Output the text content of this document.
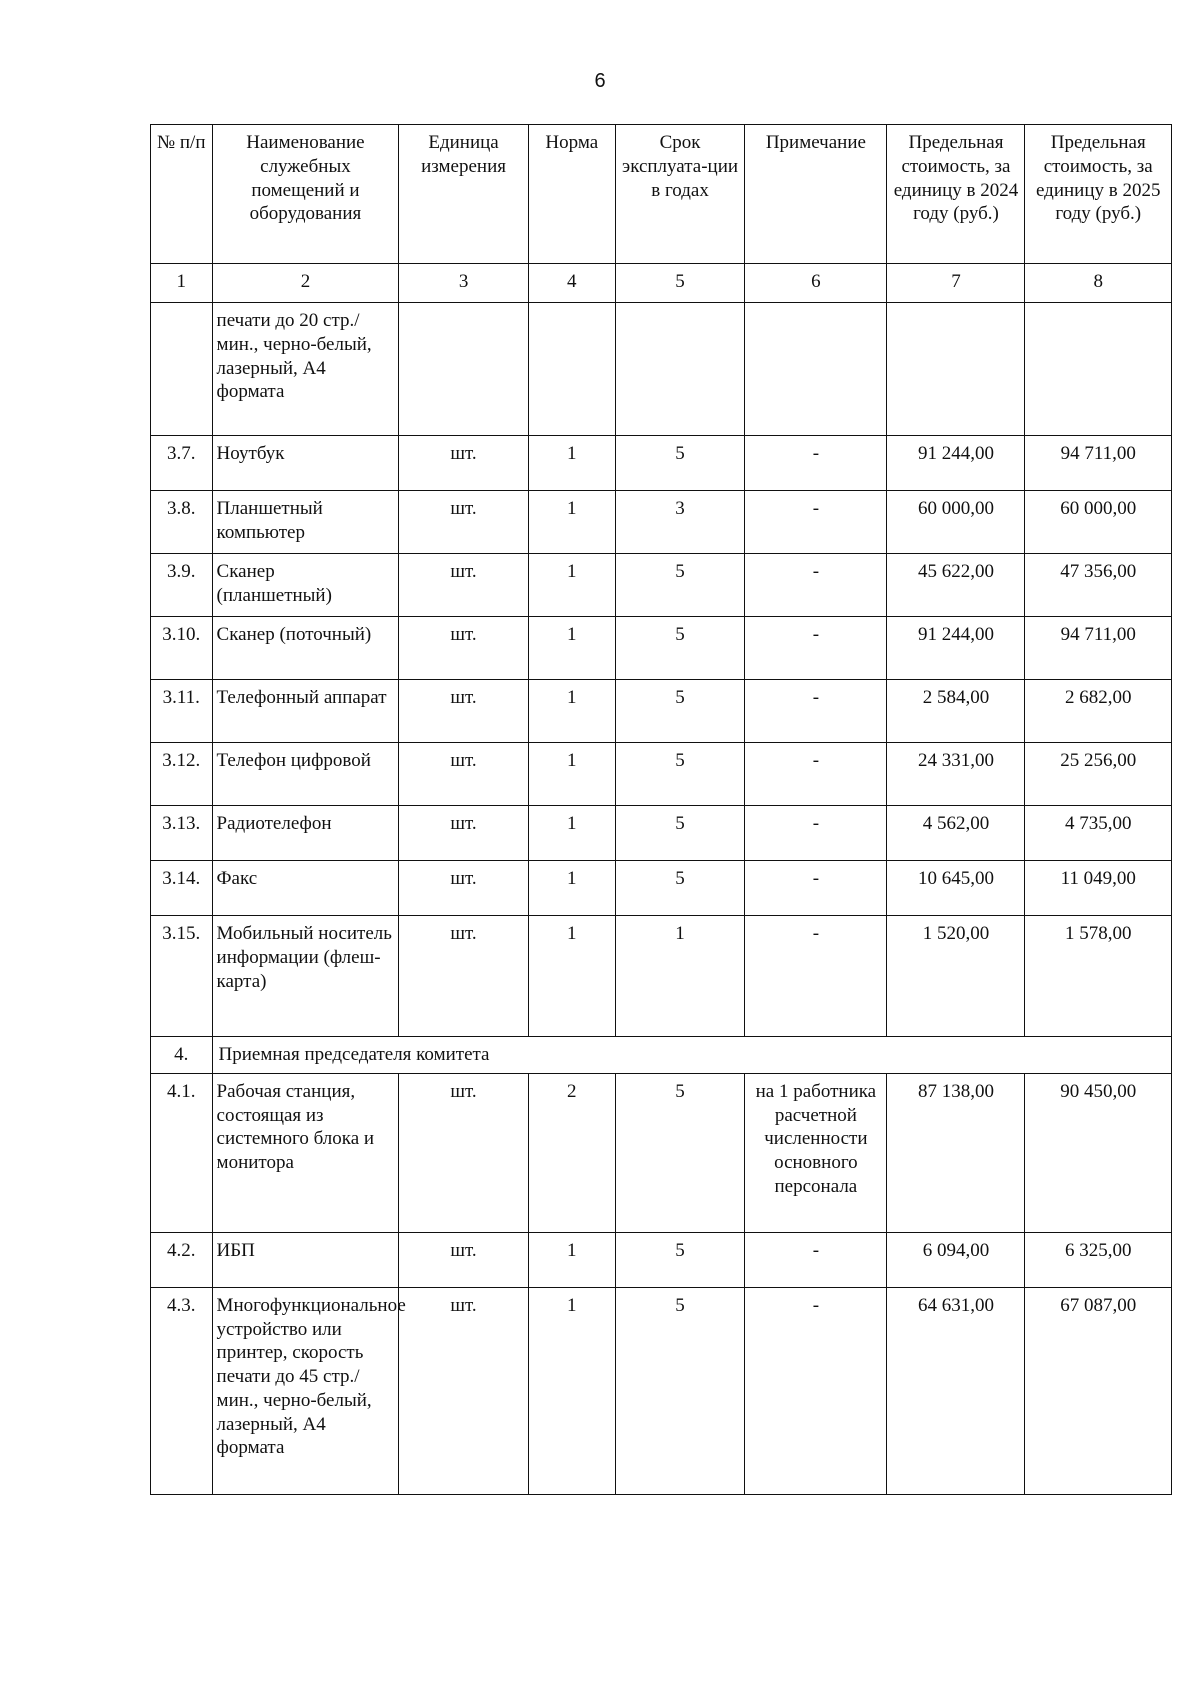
6
№ п/п	Наименование служебных помещений и оборудования	Единица измерения	Норма	Срок эксплуата-ции в годах	Примечание	Предельная стоимость, за единицу в 2024 году (руб.)	Предельная стоимость, за единицу в 2025 году (руб.)
1	2	3	4	5	6	7	8
	печати до 20 стр./мин., черно-белый, лазерный, А4 формата						
3.7.	Ноутбук	шт.	1	5	-	91 244,00	94 711,00
3.8.	Планшетный компьютер	шт.	1	3	-	60 000,00	60 000,00
3.9.	Сканер (планшетный)	шт.	1	5	-	45 622,00	47 356,00
3.10.	Сканер (поточный)	шт.	1	5	-	91 244,00	94 711,00
3.11.	Телефонный аппарат	шт.	1	5	-	2 584,00	2 682,00
3.12.	Телефон цифровой	шт.	1	5	-	24 331,00	25 256,00
3.13.	Радиотелефон	шт.	1	5	-	4 562,00	4 735,00
3.14.	Факс	шт.	1	5	-	10 645,00	11 049,00
3.15.	Мобильный носитель информации (флеш-карта)	шт.	1	1	-	1 520,00	1 578,00
4.	Приемная председателя комитета						
4.1.	Рабочая станция, состоящая из системного блока и монитора	шт.	2	5	на 1 работника расчетной численности основного персонала	87 138,00	90 450,00
4.2.	ИБП	шт.	1	5	-	6 094,00	6 325,00
4.3.	Многофункциональное устройство или принтер, скорость печати до 45 стр./мин., черно-белый, лазерный, А4 формата	шт.	1	5	-	64 631,00	67 087,00
